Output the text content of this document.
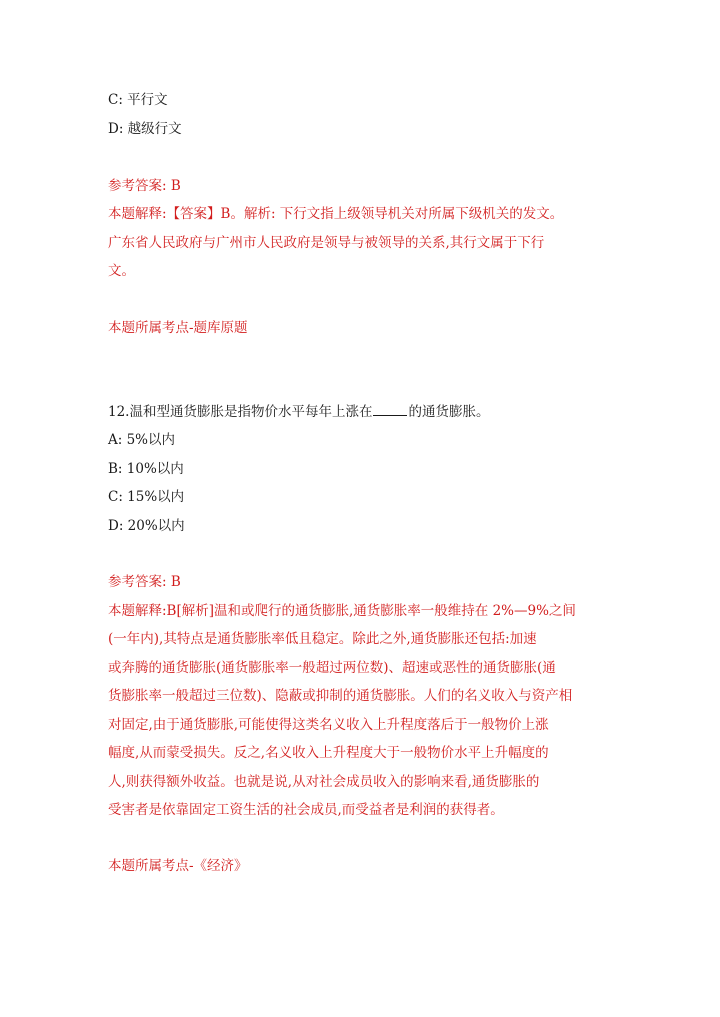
C: 平行文
D: 越级行文
参考答案: B
本题解释:【答案】B。解析: 下行文指上级领导机关对所属下级机关的发文。
广东省人民政府与广州市人民政府是领导与被领导的关系,其行文属于下行
文。
本题所属考点-题库原题
12.温和型通货膨胀是指物价水平每年上涨在	的通货膨胀。
A: 5%以内
B: 10%以内
C: 15%以内
D: 20%以内
参考答案: B
本题解释:B[解析]温和或爬行的通货膨胀,通货膨胀率一般维持在 2%—9%之间
(一年内),其特点是通货膨胀率低且稳定。除此之外,通货膨胀还包括:加速
或奔腾的通货膨胀(通货膨胀率一般超过两位数)、超速或恶性的通货膨胀(通
货膨胀率一般超过三位数)、隐蔽或抑制的通货膨胀。人们的名义收入与资产相
对固定,由于通货膨胀,可能使得这类名义收入上升程度落后于一般物价上涨
幅度,从而蒙受损失。反之,名义收入上升程度大于一般物价水平上升幅度的
人,则获得额外收益。也就是说,从对社会成员收入的影响来看,通货膨胀的
受害者是依靠固定工资生活的社会成员,而受益者是利润的获得者。
本题所属考点-《经济》
